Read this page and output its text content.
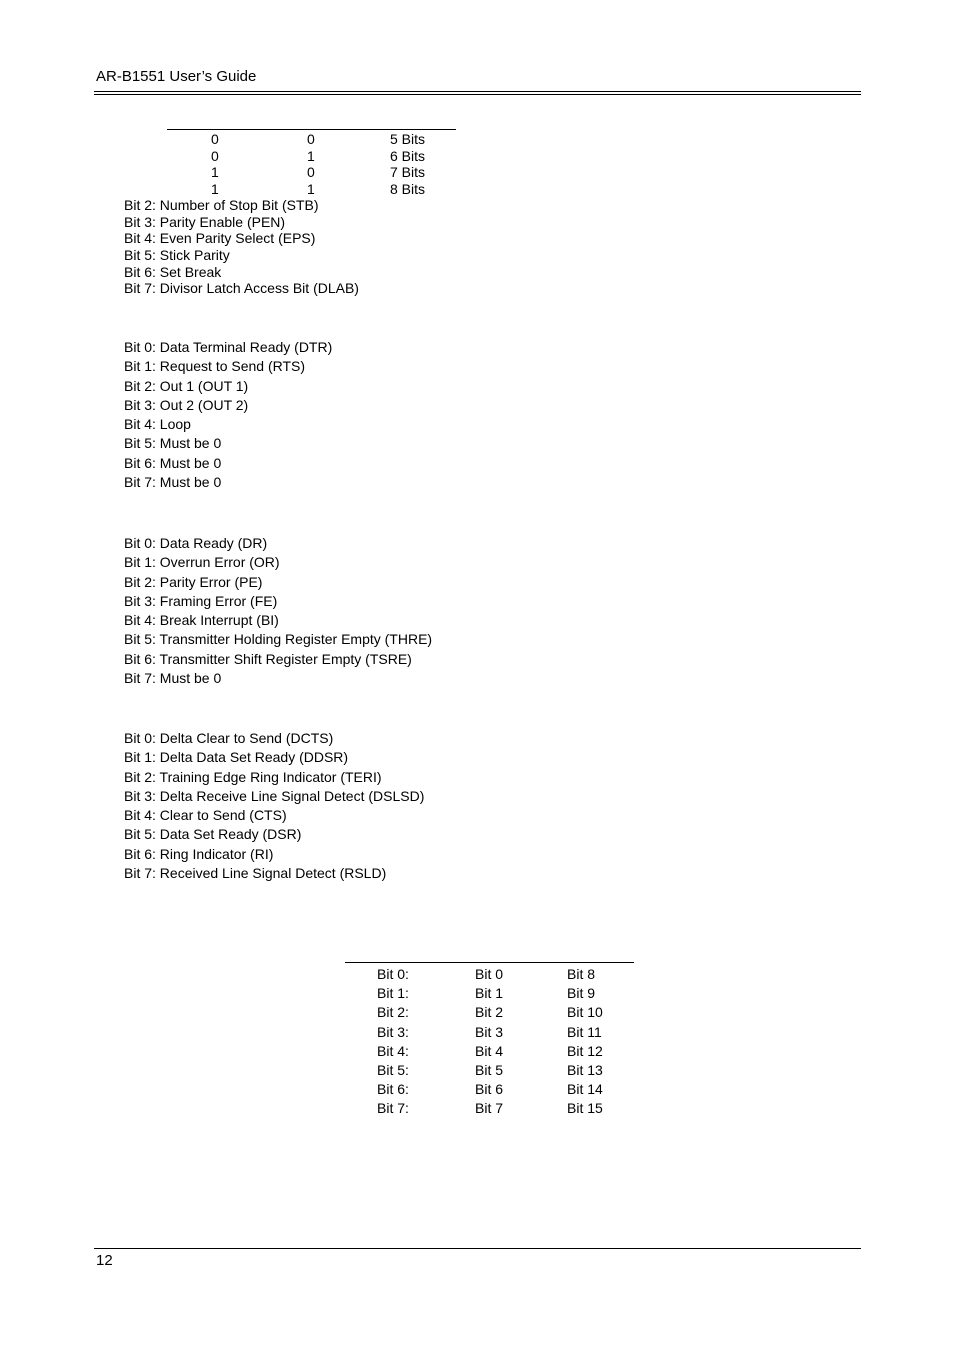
AR-B1551 User’s Guide
0	0	5 Bits
0	1	6 Bits
1	0	7 Bits
1	1	8 Bits
Bit 2: Number of Stop Bit (STB)
Bit 3: Parity Enable (PEN)
Bit 4: Even Parity Select (EPS)
Bit 5: Stick Parity
Bit 6: Set Break
Bit 7: Divisor Latch Access Bit (DLAB)
Bit 0: Data Terminal Ready (DTR)
Bit 1: Request to Send (RTS)
Bit 2: Out 1 (OUT 1)
Bit 3: Out 2 (OUT 2)
Bit 4: Loop
Bit 5: Must be 0
Bit 6: Must be 0
Bit 7: Must be 0
Bit 0: Data Ready (DR)
Bit 1: Overrun Error (OR)
Bit 2: Parity Error (PE)
Bit 3: Framing Error (FE)
Bit 4: Break Interrupt (BI)
Bit 5: Transmitter Holding Register Empty (THRE)
Bit 6: Transmitter Shift Register Empty (TSRE)
Bit 7: Must be 0
Bit 0: Delta Clear to Send (DCTS)
Bit 1: Delta Data Set Ready (DDSR)
Bit 2: Training Edge Ring Indicator (TERI)
Bit 3: Delta Receive Line Signal Detect (DSLSD)
Bit 4: Clear to Send (CTS)
Bit 5: Data Set Ready (DSR)
Bit 6: Ring Indicator (RI)
Bit 7: Received Line Signal Detect (RSLD)
Bit 0:	Bit 0	Bit 8
Bit 1:	Bit 1	Bit 9
Bit 2:	Bit 2	Bit 10
Bit 3:	Bit 3	Bit 11
Bit 4:	Bit 4	Bit 12
Bit 5:	Bit 5	Bit 13
Bit 6:	Bit 6	Bit 14
Bit 7:	Bit 7	Bit 15
12
